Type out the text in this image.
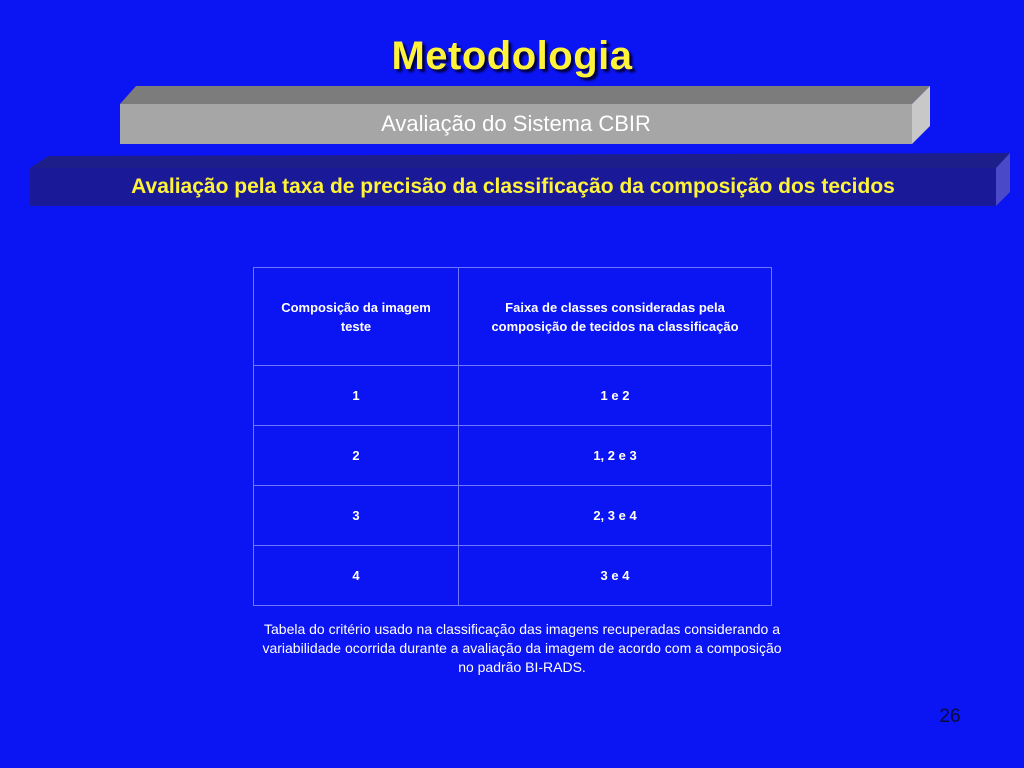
Metodologia
Avaliação do Sistema CBIR
Avaliação pela taxa de precisão da classificação da composição dos tecidos
Composição da imagem teste	Faixa de classes consideradas pela composição de tecidos na classificação
1	1 e 2
2	1, 2 e 3
3	2, 3 e 4
4	3 e 4
Tabela do critério usado na classificação das imagens recuperadas considerando a variabilidade ocorrida durante a avaliação da imagem de acordo com a composição no padrão BI-RADS.
26
